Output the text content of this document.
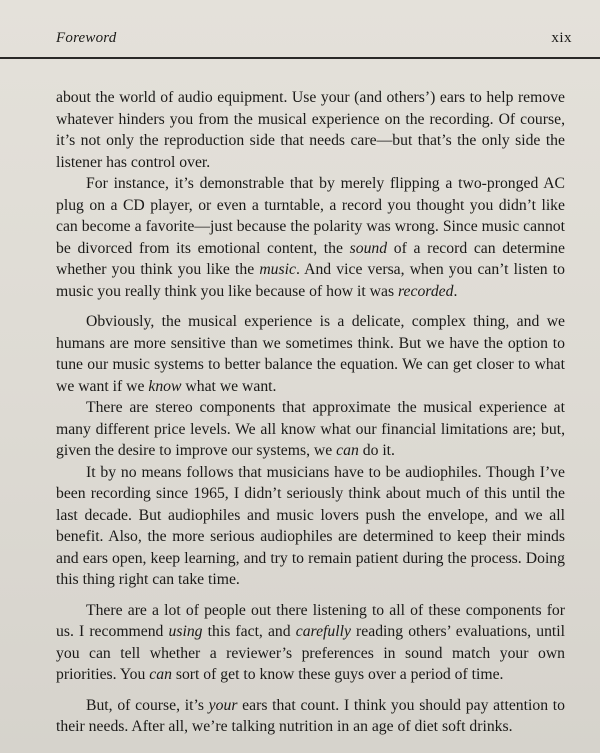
Foreword	xix

about the world of audio equipment. Use your (and others’) ears to help remove whatever hinders you from the musical experience on the recording. Of course, it’s not only the reproduction side that needs care—but that’s the only side the listener has control over.

For instance, it’s demonstrable that by merely flipping a two-pronged AC plug on a CD player, or even a turntable, a record you thought you didn’t like can become a favorite—just because the polarity was wrong. Since music cannot be divorced from its emotional content, the sound of a record can determine whether you think you like the music. And vice versa, when you can’t listen to music you really think you like because of how it was recorded.

Obviously, the musical experience is a delicate, complex thing, and we humans are more sensitive than we sometimes think. But we have the option to tune our music systems to better balance the equation. We can get closer to what we want if we know what we want.

There are stereo components that approximate the musical experience at many different price levels. We all know what our financial limitations are; but, given the desire to improve our systems, we can do it.

It by no means follows that musicians have to be audiophiles. Though I’ve been recording since 1965, I didn’t seriously think about much of this until the last decade. But audiophiles and music lovers push the envelope, and we all benefit. Also, the more serious audiophiles are determined to keep their minds and ears open, keep learning, and try to remain patient during the process. Doing this thing right can take time.

There are a lot of people out there listening to all of these components for us. I recommend using this fact, and carefully reading others’ evaluations, until you can tell whether a reviewer’s preferences in sound match your own priorities. You can sort of get to know these guys over a period of time.

But, of course, it’s your ears that count. I think you should pay attention to their needs. After all, we’re talking nutrition in an age of diet soft drinks.
